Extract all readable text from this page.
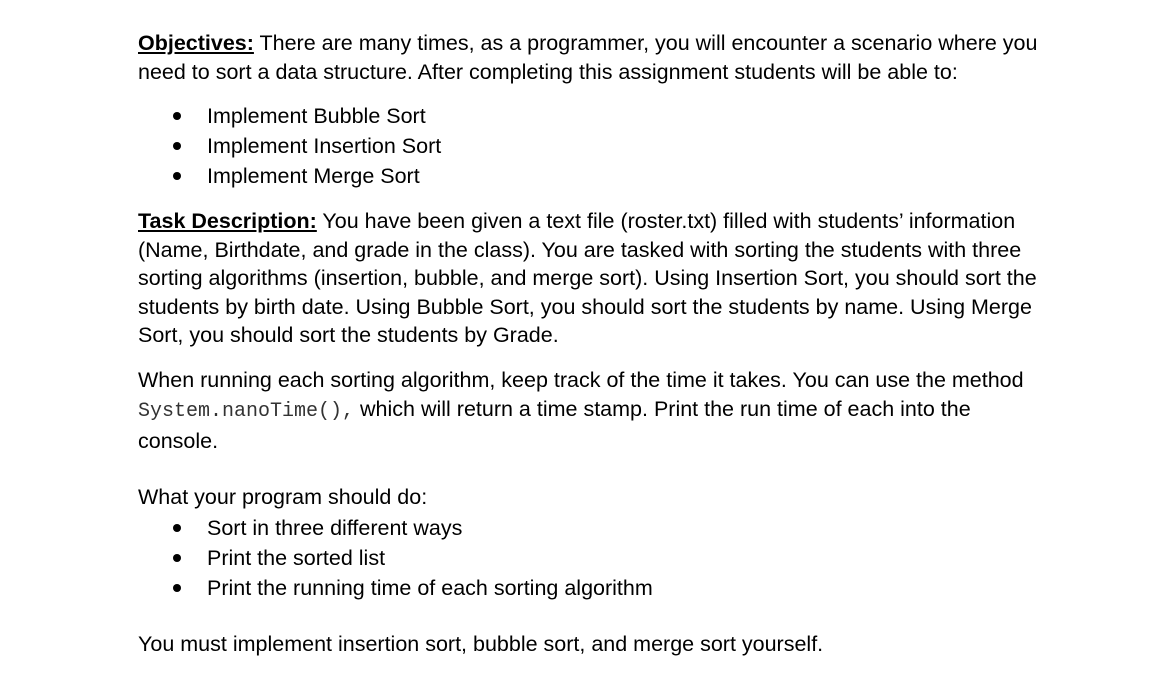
Objectives: There are many times, as a programmer, you will encounter a scenario where you need to sort a data structure. After completing this assignment students will be able to:

Implement Bubble Sort
Implement Insertion Sort
Implement Merge Sort

Task Description: You have been given a text file (roster.txt) filled with students’ information (Name, Birthdate, and grade in the class). You are tasked with sorting the students with three sorting algorithms (insertion, bubble, and merge sort). Using Insertion Sort, you should sort the students by birth date. Using Bubble Sort, you should sort the students by name. Using Merge Sort, you should sort the students by Grade.

When running each sorting algorithm, keep track of the time it takes. You can use the method System.nanoTime(), which will return a time stamp. Print the run time of each into the console.

What your program should do:

Sort in three different ways
Print the sorted list
Print the running time of each sorting algorithm

You must implement insertion sort, bubble sort, and merge sort yourself.
